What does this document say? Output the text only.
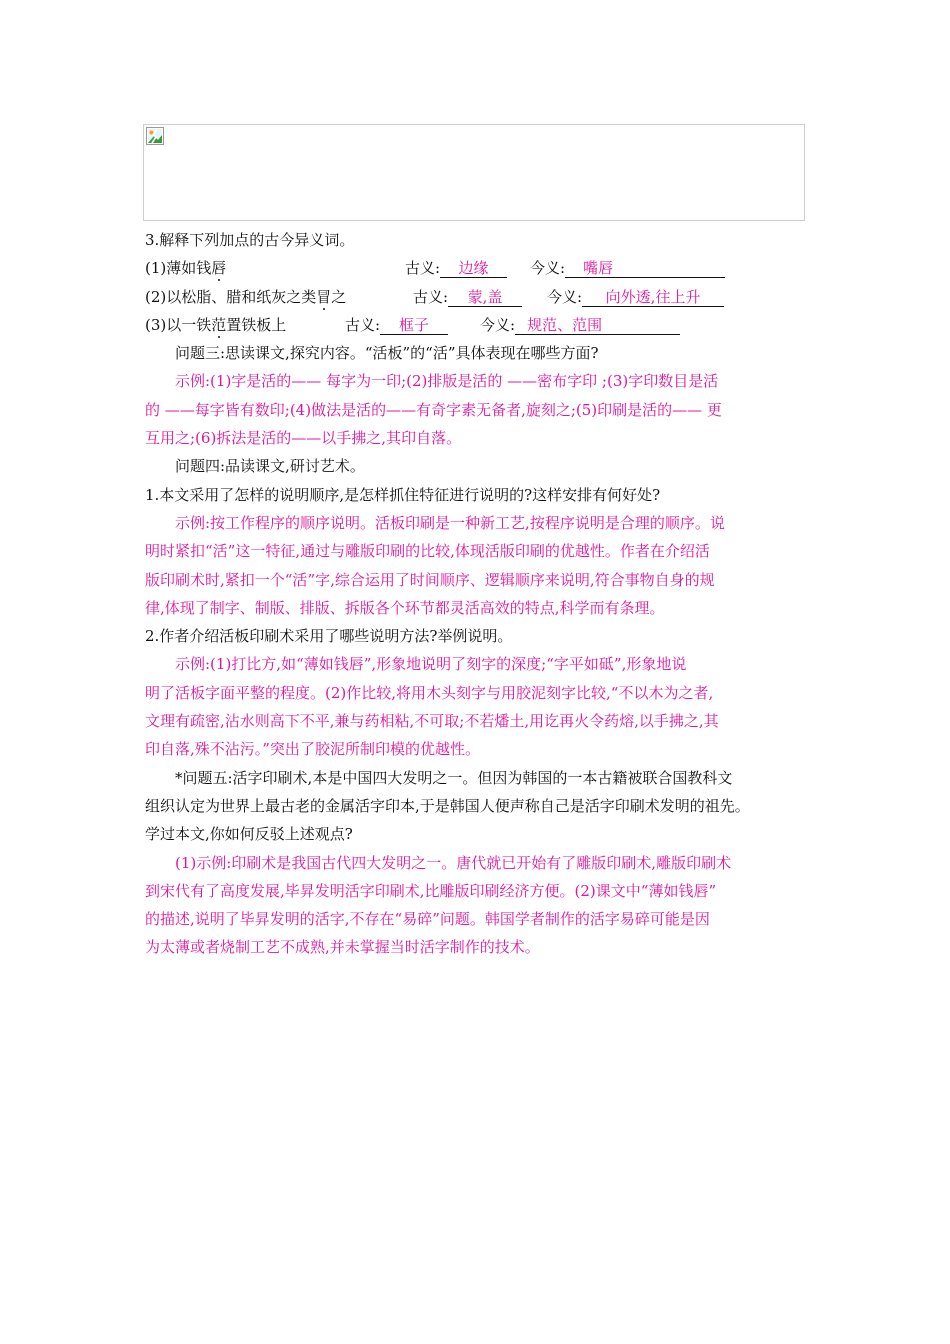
3.解释下列加点的古今异义词。
(1)薄如钱唇	古义: 边缘	今义: 嘴唇
(2)以松脂、腊和纸灰之类冒之	古义: 蒙,盖	今义: 向外透,往上升
(3)以一铁范置铁板上	古义: 框子	今义: 规范、范围
问题三:思读课文,探究内容。“活板”的“活”具体表现在哪些方面?
示例:(1)字是活的—— 每字为一印;(2)排版是活的 ——密布字印 ;(3)字印数目是活
的 ——每字皆有数印;(4)做法是活的——有奇字素无备者,旋刻之;(5)印刷是活的—— 更
互用之;(6)拆法是活的——以手拂之,其印自落。
问题四:品读课文,研讨艺术。
1.本文采用了怎样的说明顺序,是怎样抓住特征进行说明的?这样安排有何好处?
示例:按工作程序的顺序说明。活板印刷是一种新工艺,按程序说明是合理的顺序。说
明时紧扣“活”这一特征,通过与雕版印刷的比较,体现活版印刷的优越性。作者在介绍活
版印刷术时,紧扣一个“活”字,综合运用了时间顺序、逻辑顺序来说明,符合事物自身的规
律,体现了制字、制版、排版、拆版各个环节都灵活高效的特点,科学而有条理。
2.作者介绍活板印刷术采用了哪些说明方法?举例说明。
示例:(1)打比方,如“薄如钱唇”,形象地说明了刻字的深度;“字平如砥”,形象地说
明了活板字面平整的程度。(2)作比较,将用木头刻字与用胶泥刻字比较,“不以木为之者,
文理有疏密,沾水则高下不平,兼与药相粘,不可取;不若燔土,用讫再火令药熔,以手拂之,其
印自落,殊不沾污。”突出了胶泥所制印模的优越性。
*问题五:活字印刷术,本是中国四大发明之一。但因为韩国的一本古籍被联合国教科文
组织认定为世界上最古老的金属活字印本,于是韩国人便声称自己是活字印刷术发明的祖先。
学过本文,你如何反驳上述观点?
(1)示例:印刷术是我国古代四大发明之一。唐代就已开始有了雕版印刷术,雕版印刷术
到宋代有了高度发展,毕昇发明活字印刷术,比雕版印刷经济方便。(2)课文中“薄如钱唇”
的描述,说明了毕昇发明的活字,不存在“易碎”问题。韩国学者制作的活字易碎可能是因
为太薄或者烧制工艺不成熟,并未掌握当时活字制作的技术。
